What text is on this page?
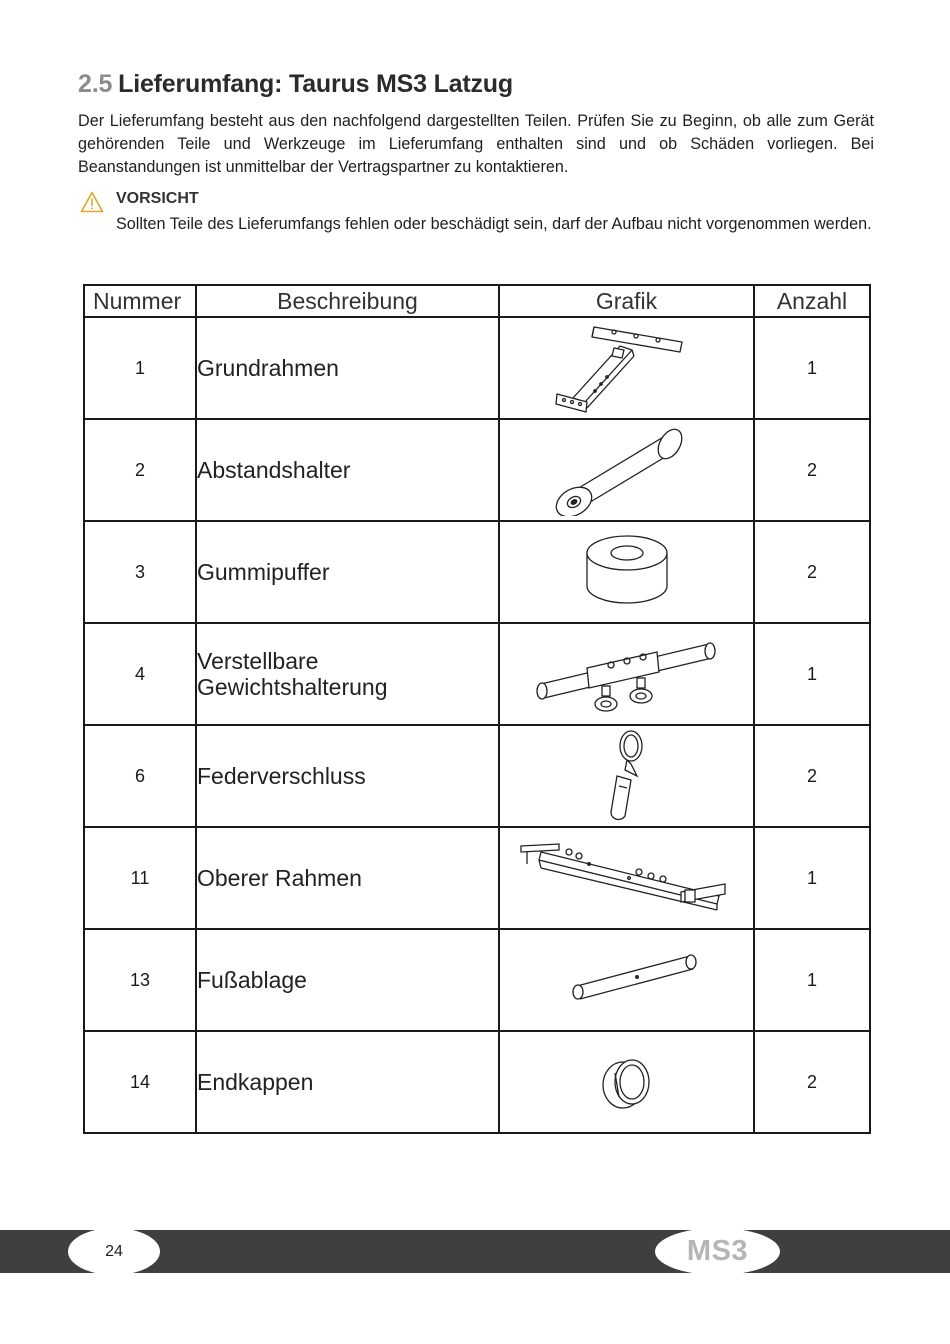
2.5 Lieferumfang: Taurus MS3 Latzug

Der Lieferumfang besteht aus den nachfolgend dargestellten Teilen. Prüfen Sie zu Beginn, ob alle zum Gerät gehörenden Teile und Werkzeuge im Lieferumfang enthalten sind und ob Schäden vorliegen. Bei Beanstandungen ist unmittelbar der Vertragspartner zu kontaktieren.

VORSICHT

Sollten Teile des Lieferumfangs fehlen oder beschädigt sein, darf der Aufbau nicht vorgenommen werden.

Nummer	Beschreibung	Grafik	Anzahl
1	Grundrahmen		1
2	Abstandshalter		2
3	Gummipuffer		2
4	Verstellbare Gewichtshalterung		1
6	Federverschluss		2
11	Oberer Rahmen		1
13	Fußablage		1
14	Endkappen		2
24	MS3
